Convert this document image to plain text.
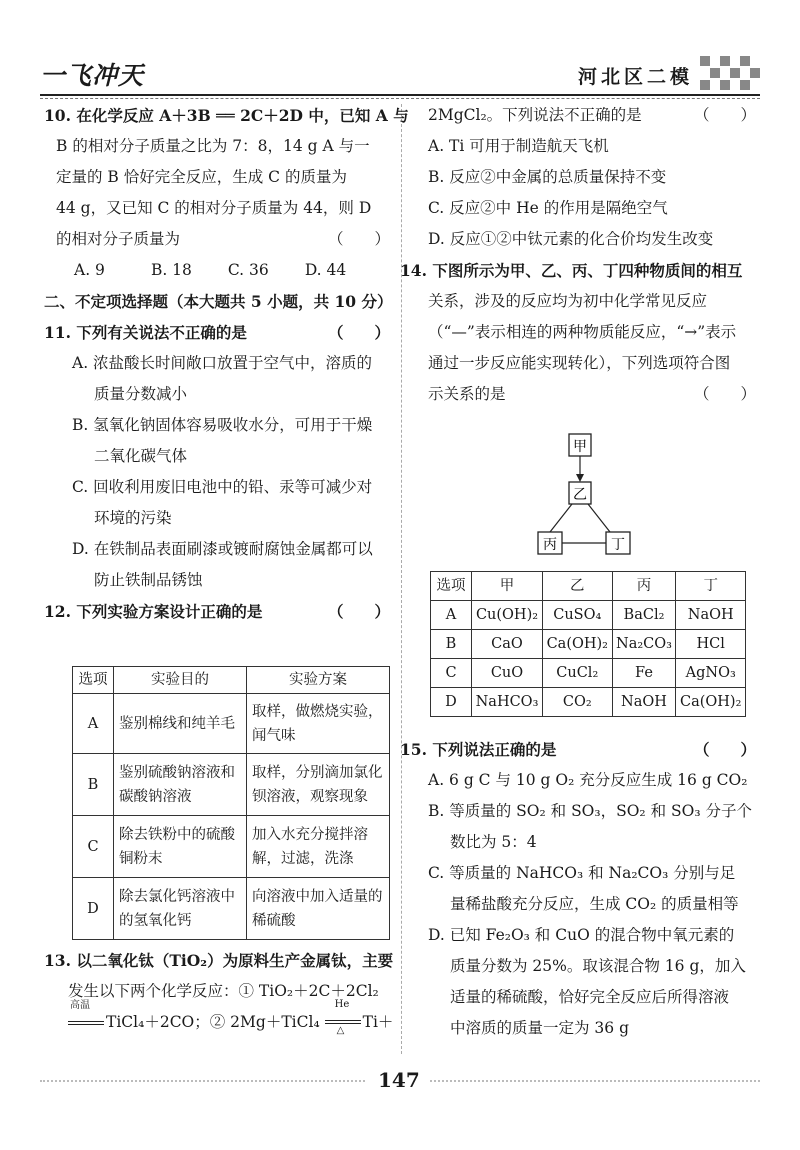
一飞冲天	河北区二模
10. 在化学反应 A＋3B ══ 2C＋2D 中，已知 A 与
B 的相对分子质量之比为 7：8，14 g A 与一
定量的 B 恰好完全反应，生成 C 的质量为
44 g，又已知 C 的相对分子质量为 44，则 D
的相对分子质量为	（　　）
A. 9	B. 18 C. 36 D. 44
二、不定项选择题（本大题共 5 小题，共 10 分）
11. 下列有关说法不正确的是	（　　）
A. 浓盐酸长时间敞口放置于空气中，溶质的
质量分数减小
B. 氢氧化钠固体容易吸收水分，可用于干燥
二氧化碳气体
C. 回收利用废旧电池中的铅、汞等可减少对
环境的污染
D. 在铁制品表面刷漆或镀耐腐蚀金属都可以
防止铁制品锈蚀
12. 下列实验方案设计正确的是	（　　）
选项	实验目的	实验方案
A	鉴别棉线和纯羊毛	取样，做燃烧实验，闻气味
B	鉴别硫酸钠溶液和碳酸钠溶液	取样，分别滴加氯化钡溶液，观察现象
C	除去铁粉中的硫酸铜粉末	加入水充分搅拌溶解，过滤，洗涤
D	除去氯化钙溶液中的氢氧化钙	向溶液中加入适量的稀硫酸
13. 以二氧化钛（TiO₂）为原料生产金属钛，主要
发生以下两个化学反应：① TiO₂＋2C＋2Cl₂
高温
TiCl₄＋2CO；② 2Mg＋TiCl₄
He
△ Ti＋
2MgCl₂。下列说法不正确的是	（　　）
A. Ti 可用于制造航天飞机
B. 反应②中金属的总质量保持不变
C. 反应②中 He 的作用是隔绝空气
D. 反应①②中钛元素的化合价均发生改变
14. 下图所示为甲、乙、丙、丁四种物质间的相互
关系，涉及的反应均为初中化学常见反应
（“—”表示相连的两种物质能反应，“→”表示
通过一步反应能实现转化），下列选项符合图
示关系的是	（　　）
甲
乙
丙	丁
选项	甲	乙	丙	丁
A	Cu(OH)₂	CuSO₄	BaCl₂	NaOH
B	CaO	Ca(OH)₂	Na₂CO₃	HCl
C	CuO	CuCl₂	Fe	AgNO₃
D	NaHCO₃	CO₂	NaOH	Ca(OH)₂
15. 下列说法正确的是	（　　）
A. 6 g C 与 10 g O₂ 充分反应生成 16 g CO₂
B. 等质量的 SO₂ 和 SO₃，SO₂ 和 SO₃ 分子个
数比为 5：4
C. 等质量的 NaHCO₃ 和 Na₂CO₃ 分别与足
量稀盐酸充分反应，生成 CO₂ 的质量相等
D. 已知 Fe₂O₃ 和 CuO 的混合物中氧元素的
质量分数为 25%。取该混合物 16 g，加入
适量的稀硫酸，恰好完全反应后所得溶液
中溶质的质量一定为 36 g
147
